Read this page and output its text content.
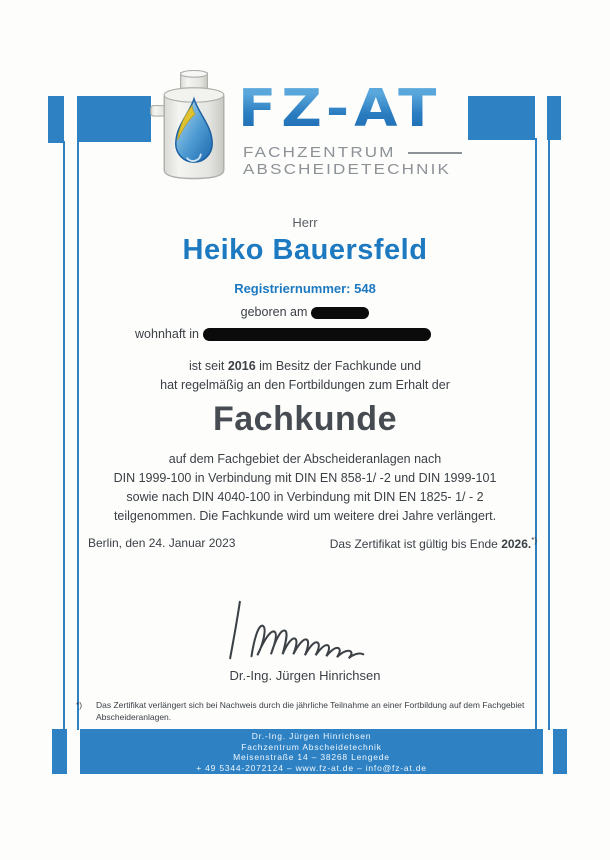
FZ-AT
FACHZENTRUM
ABSCHEIDETECHNIK
Herr
Heiko Bauersfeld
Registriernummer: 548
geboren am
wohnhaft in
ist seit 2016 im Besitz der Fachkunde und
hat regelmäßig an den Fortbildungen zum Erhalt der
Fachkunde
auf dem Fachgebiet der Abscheideranlagen nach
DIN 1999-100 in Verbindung mit DIN EN 858-1/ -2 und DIN 1999-101
sowie nach DIN 4040-100 in Verbindung mit DIN EN 1825- 1/ - 2
teilgenommen. Die Fachkunde wird um weitere drei Jahre verlängert.
Berlin, den 24. Januar 2023	Das Zertifikat ist gültig bis Ende 2026.*)
Dr.-Ing. Jürgen Hinrichsen
*) Das Zertifikat verlängert sich bei Nachweis durch die jährliche Teilnahme an einer Fortbildung auf dem Fachgebiet
Abscheideranlagen.
Dr.-Ing. Jürgen Hinrichsen
Fachzentrum Abscheidetechnik
Meisenstraße 14 – 38268 Lengede
+ 49 5344-2072124 – www.fz-at.de – info@fz-at.de
